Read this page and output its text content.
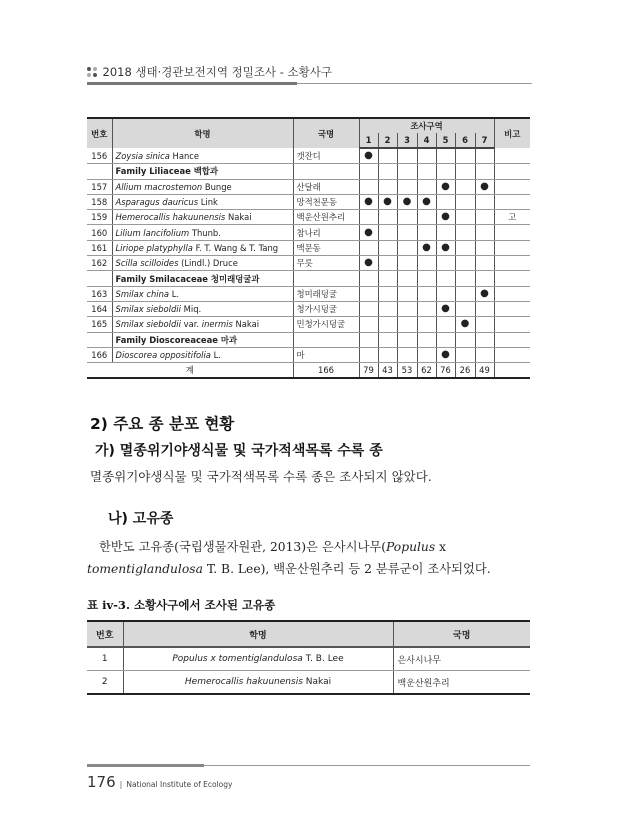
2018 생태·경관보전지역 정밀조사 - 소황사구
번호	학명	국명	조사구역							비고
			1	2	3	4	5	6	7	
156	Zoysia sinica Hance	갯잔디	●							
	Family Liliaceae 백합과									
157	Allium macrostemon Bunge	산달래					●		●	
158	Asparagus dauricus Link	망적천문동	●	●	●	●				
159	Hemerocallis hakuunensis Nakai	백운산원추리					●			고
160	Lilium lancifolium Thunb.	참나리	●							
161	Liriope platyphylla F. T. Wang & T. Tang	맥문동				●	●			
162	Scilla scilloides (Lindl.) Druce	무릇	●							
	Family Smilacaceae 청미래덩굴과									
163	Smilax china L.	청미래덩굴							●	
164	Smilax sieboldii Miq.	청가시덩굴					●			
165	Smilax sieboldii var. inermis Nakai	민청가시덩굴						●		
	Family Dioscoreaceae 마과									
166	Dioscorea oppositifolia L.	마					●			
계		166	79	43	53	62	76	26	49	
2) 주요 종 분포 현황
가) 멸종위기야생식물 및 국가적색목록 수록 종
멸종위기야생식물 및 국가적색목록 수록 종은 조사되지 않았다.
나) 고유종
한반도 고유종(국립생물자원관, 2013)은 은사시나무(Populus x tomentiglandulosa T. B. Lee), 백운산원추리 등 2 분류군이 조사되었다.
표 iv-3. 소황사구에서 조사된 고유종
번호	학명	국명
1	Populus x tomentiglandulosa T. B. Lee	은사시나무
2	Hemerocallis hakuunensis Nakai	백운산원추리
176 | National Institute of Ecology
